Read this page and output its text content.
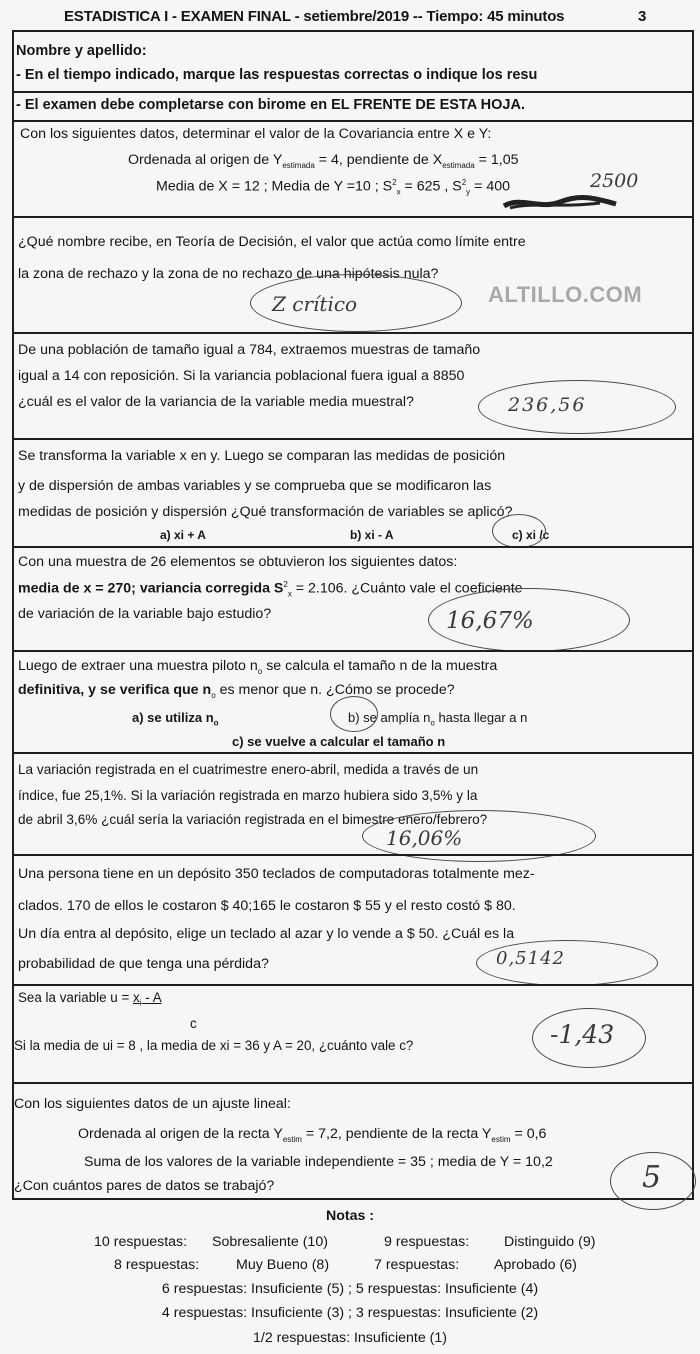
ESTADISTICA I - EXAMEN FINAL - setiembre/2019 -- Tiempo: 45 minutos	3
Nombre y apellido:
- En el tiempo indicado, marque las respuestas correctas o indique los resu
- El examen debe completarse con birome en EL FRENTE DE ESTA HOJA.
Con los siguientes datos, determinar el valor de la Covariancia entre X e Y:
Ordenada al origen de $Y_{estimada} = 4$, pendiente de $X_{estimada} = 1,05$
Media de X = 12 ; Media de Y =10 ; $S^2_x = 625$ , $S^2_y = 400$	2500
¿Qué nombre recibe, en Teoría de Decisión, el valor que actúa como límite entre
la zona de rechazo y la zona de no rechazo de una hipótesis nula?
Z crítico	ALTILLO.COM
De una población de tamaño igual a 784, extraemos muestras de tamaño
igual a 14 con reposición. Si la variancia poblacional fuera igual a 8850
¿cuál es el valor de la variancia de la variable media muestral?	236,56
Se transforma la variable x en y. Luego se comparan las medidas de posición
y de dispersión de ambas variables y se comprueba que se modificaron las
medidas de posición y dispersión ¿Qué transformación de variables se aplicó?
a) xi + A	b) xi - A	c) xi /c
Con una muestra de 26 elementos se obtuvieron los siguientes datos:
media de x = 270; variancia corregida $S^2_x = 2.106$. ¿Cuánto vale el coeficiente
de variación de la variable bajo estudio?	16,67%
Luego de extraer una muestra piloto $n_o$ se calcula el tamaño n de la muestra
definitiva, y se verifica que $n_o$ es menor que n. ¿Cómo se procede?
a) se utiliza $n_o$	b) se amplía $n_o$ hasta llegar a n
c) se vuelve a calcular el tamaño n
La variación registrada en el cuatrimestre enero-abril, medida a través de un
índice, fue 25,1%. Si la variación registrada en marzo hubiera sido 3,5% y la
de abril 3,6% ¿cuál sería la variación registrada en el bimestre enero/febrero?
16,06%
Una persona tiene en un depósito 350 teclados de computadoras totalmente mez-
clados. 170 de ellos le costaron $ 40;165 le costaron $ 55 y el resto costó $ 80.
Un día entra al depósito, elige un teclado al azar y lo vende a $ 50. ¿Cuál es la
probabilidad de que tenga una pérdida?	0,5142
Sea la variable $u = x_i - A$
c
Si la media de ui = 8 , la media de xi = 36 y A = 20, ¿cuánto vale c?	-1,43
Con los siguientes datos de un ajuste lineal:
Ordenada al origen de la recta $Y_{estim} = 7,2$, pendiente de la recta $Y_{estim} = 0,6$
Suma de los valores de la variable independiente = 35 ; media de Y = 10,2
¿Con cuántos pares de datos se trabajó?	5
Notas :
10 respuestas: Sobresaliente (10)	9 respuestas: Distinguido (9)
8 respuestas:	Muy Bueno (8)	7 respuestas: Aprobado (6)
6 respuestas: Insuficiente (5) ; 5 respuestas: Insuficiente (4)
4 respuestas: Insuficiente (3) ; 3 respuestas: Insuficiente (2)
1/2 respuestas: Insuficiente (1)
